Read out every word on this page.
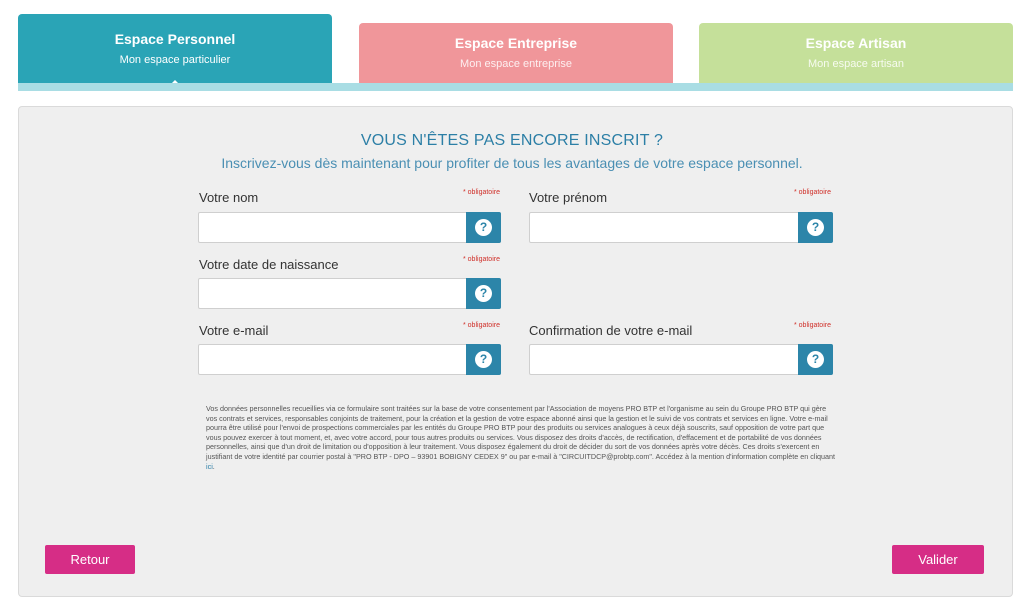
Espace Personnel
Mon espace particulier
Espace Entreprise
Mon espace entreprise
Espace Artisan
Mon espace artisan
VOUS N'ÊTES PAS ENCORE INSCRIT ?
Inscrivez-vous dès maintenant pour profiter de tous les avantages de votre espace personnel.
Votre nom	* obligatoire
?
Votre prénom	* obligatoire
?
Votre date de naissance	* obligatoire
?
Votre e-mail	* obligatoire
?
Confirmation de votre e-mail	* obligatoire
?
Vos données personnelles recueillies via ce formulaire sont traitées sur la base de votre consentement par l'Association de moyens PRO BTP et l'organisme au sein du Groupe PRO BTP qui gère vos contrats et services, responsables conjoints de traitement, pour la création et la gestion de votre espace abonné ainsi que la gestion et le suivi de vos contrats et services en ligne. Votre e-mail pourra être utilisé pour l'envoi de prospections commerciales par les entités du Groupe PRO BTP pour des produits ou services analogues à ceux déjà souscrits, sauf opposition de votre part que vous pouvez exercer à tout moment, et, avec votre accord, pour tous autres produits ou services. Vous disposez des droits d'accès, de rectification, d'effacement et de portabilité de vos données personnelles, ainsi que d'un droit de limitation ou d'opposition à leur traitement. Vous disposez également du droit de décider du sort de vos données après votre décès. Ces droits s'exercent en justifiant de votre identité par courrier postal à "PRO BTP - DPO – 93901 BOBIGNY CEDEX 9" ou par e-mail à "CIRCUITDCP@probtp.com". Accédez à la mention d'information complète en cliquant ici.
Retour	Valider
